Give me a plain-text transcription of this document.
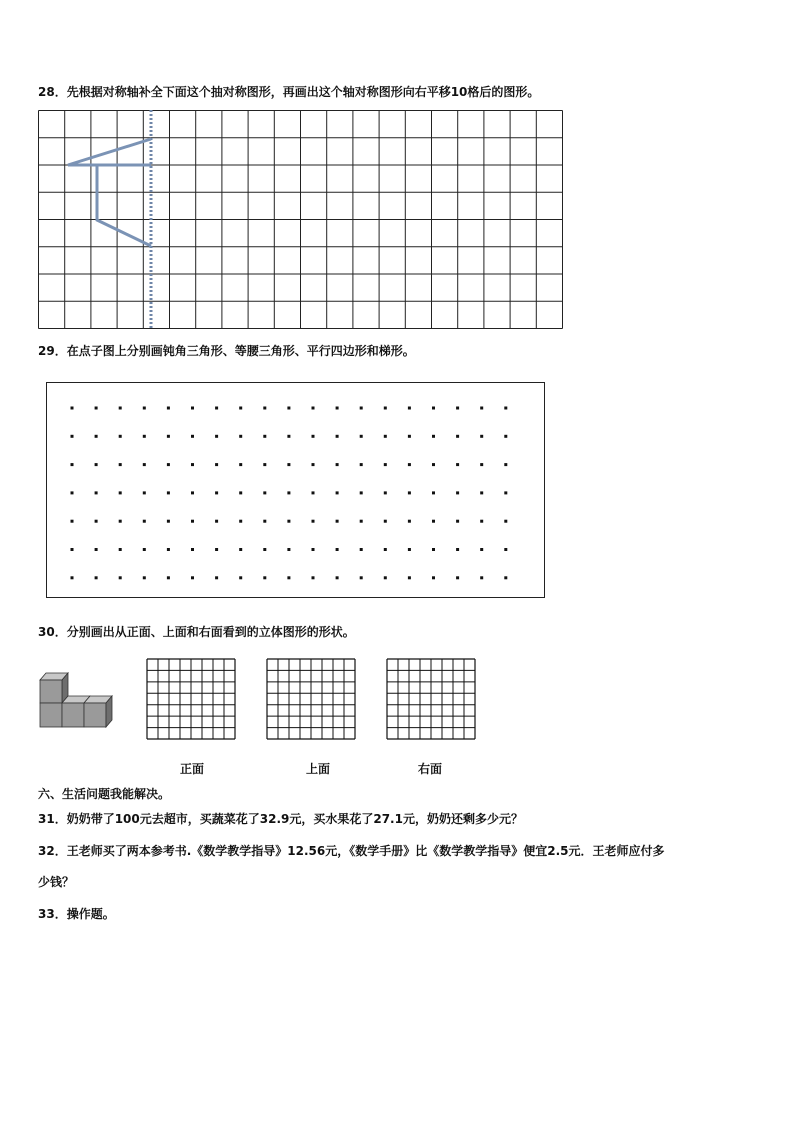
28．先根据对称轴补全下面这个抽对称图形，再画出这个轴对称图形向右平移10格后的图形。
29．在点子图上分别画钝角三角形、等腰三角形、平行四边形和梯形。
30．分别画出从正面、上面和右面看到的立体图形的形状。
正面	上面	右面
六、生活问题我能解决。
31．奶奶带了100元去超市，买蔬菜花了32.9元，买水果花了27.1元，奶奶还剩多少元？
32．王老师买了两本参考书.《数学教学指导》12.56元，《数学手册》比《数学教学指导》便宜2.5元．王老师应付多
少钱？
33．操作题。
